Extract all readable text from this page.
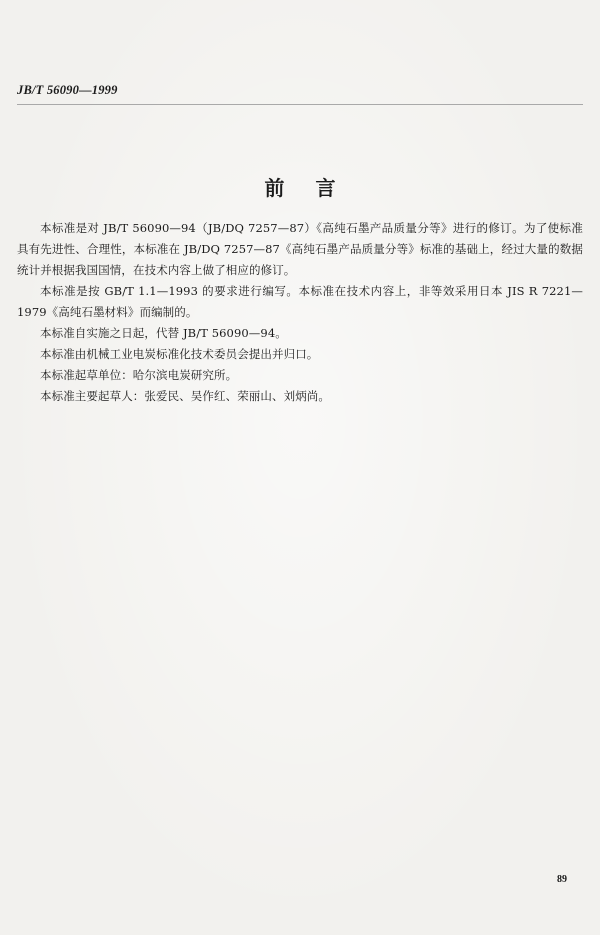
JB/T 56090—1999
前 言

本标准是对 JB/T 56090—94（JB/DQ 7257—87）《高纯石墨产品质量分等》进行的修订。为了使标准具有先进性、合理性，本标准在 JB/DQ 7257—87《高纯石墨产品质量分等》标准的基础上，经过大量的数据统计并根据我国国情，在技术内容上做了相应的修订。

本标准是按 GB/T 1.1—1993 的要求进行编写。本标准在技术内容上，非等效采用日本 JIS R 7221—1979《高纯石墨材料》而编制的。

本标准自实施之日起，代替 JB/T 56090—94。

本标准由机械工业电炭标准化技术委员会提出并归口。

本标准起草单位：哈尔滨电炭研究所。

本标准主要起草人：张爱民、吴作红、荣丽山、刘炳尚。

89
